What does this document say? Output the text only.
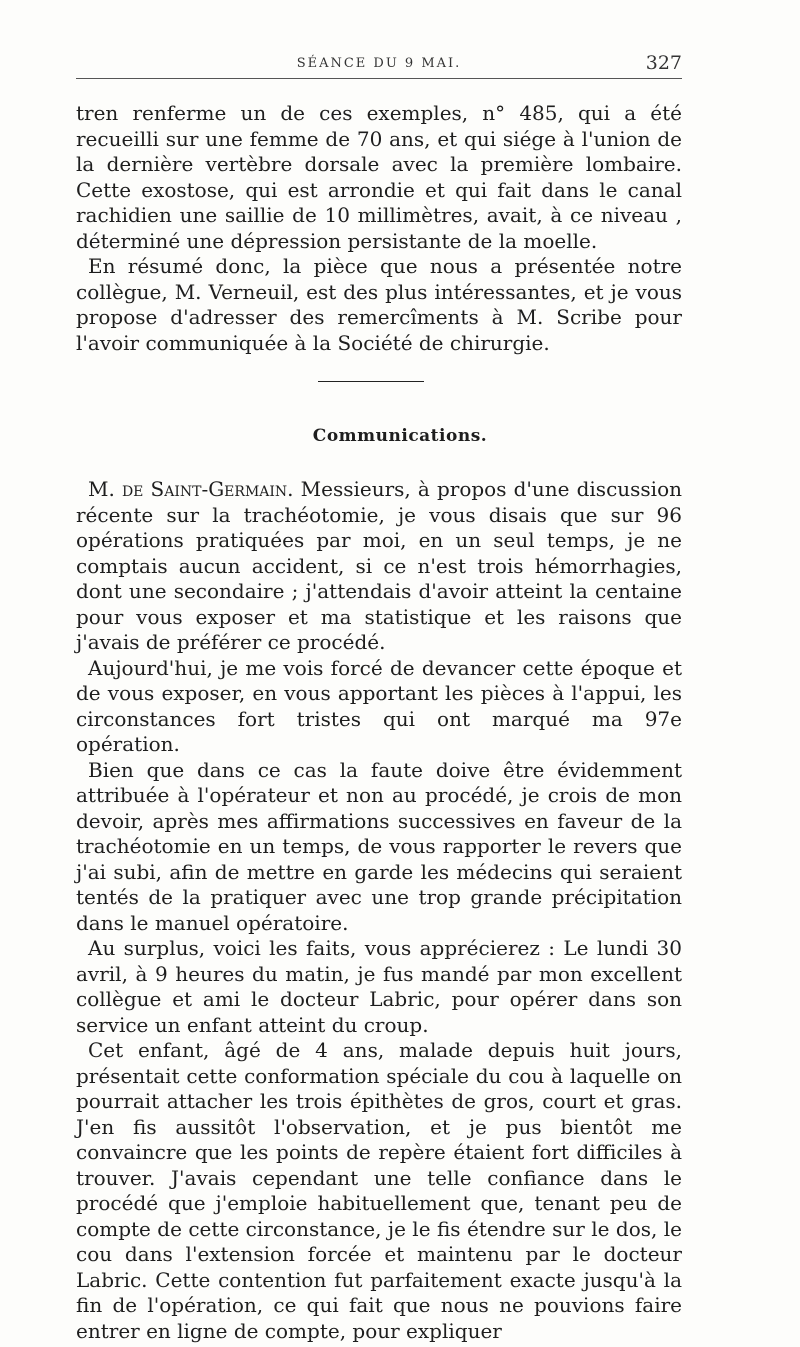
SÉANCE DU 9 MAI.	327

tren renferme un de ces exemples, n° 485, qui a été recueilli sur une femme de 70 ans, et qui siége à l'union de la dernière vertèbre dorsale avec la première lombaire. Cette exostose, qui est arrondie et qui fait dans le canal rachidien une saillie de 10 millimètres, avait, à ce niveau , déterminé une dépression persistante de la moelle.

En résumé donc, la pièce que nous a présentée notre collègue, M. Verneuil, est des plus intéressantes, et je vous propose d'adresser des remercîments à M. Scribe pour l'avoir communiquée à la Société de chirurgie.

Communications.

M. de Saint-Germain. Messieurs, à propos d'une discussion récente sur la trachéotomie, je vous disais que sur 96 opérations pratiquées par moi, en un seul temps, je ne comptais aucun accident, si ce n'est trois hémorrhagies, dont une secondaire ; j'attendais d'avoir atteint la centaine pour vous exposer et ma statistique et les raisons que j'avais de préférer ce procédé.

Aujourd'hui, je me vois forcé de devancer cette époque et de vous exposer, en vous apportant les pièces à l'appui, les circonstances fort tristes qui ont marqué ma 97e opération.

Bien que dans ce cas la faute doive être évidemment attribuée à l'opérateur et non au procédé, je crois de mon devoir, après mes affirmations successives en faveur de la trachéotomie en un temps, de vous rapporter le revers que j'ai subi, afin de mettre en garde les médecins qui seraient tentés de la pratiquer avec une trop grande précipitation dans le manuel opératoire.

Au surplus, voici les faits, vous apprécierez : Le lundi 30 avril, à 9 heures du matin, je fus mandé par mon excellent collègue et ami le docteur Labric, pour opérer dans son service un enfant atteint du croup.

Cet enfant, âgé de 4 ans, malade depuis huit jours, présentait cette conformation spéciale du cou à laquelle on pourrait attacher les trois épithètes de gros, court et gras. J'en fis aussitôt l'observation, et je pus bientôt me convaincre que les points de repère étaient fort difficiles à trouver. J'avais cependant une telle confiance dans le procédé que j'emploie habituellement que, tenant peu de compte de cette circonstance, je le fis étendre sur le dos, le cou dans l'extension forcée et maintenu par le docteur Labric. Cette contention fut parfaitement exacte jusqu'à la fin de l'opération, ce qui fait que nous ne pouvions faire entrer en ligne de compte, pour expliquer
